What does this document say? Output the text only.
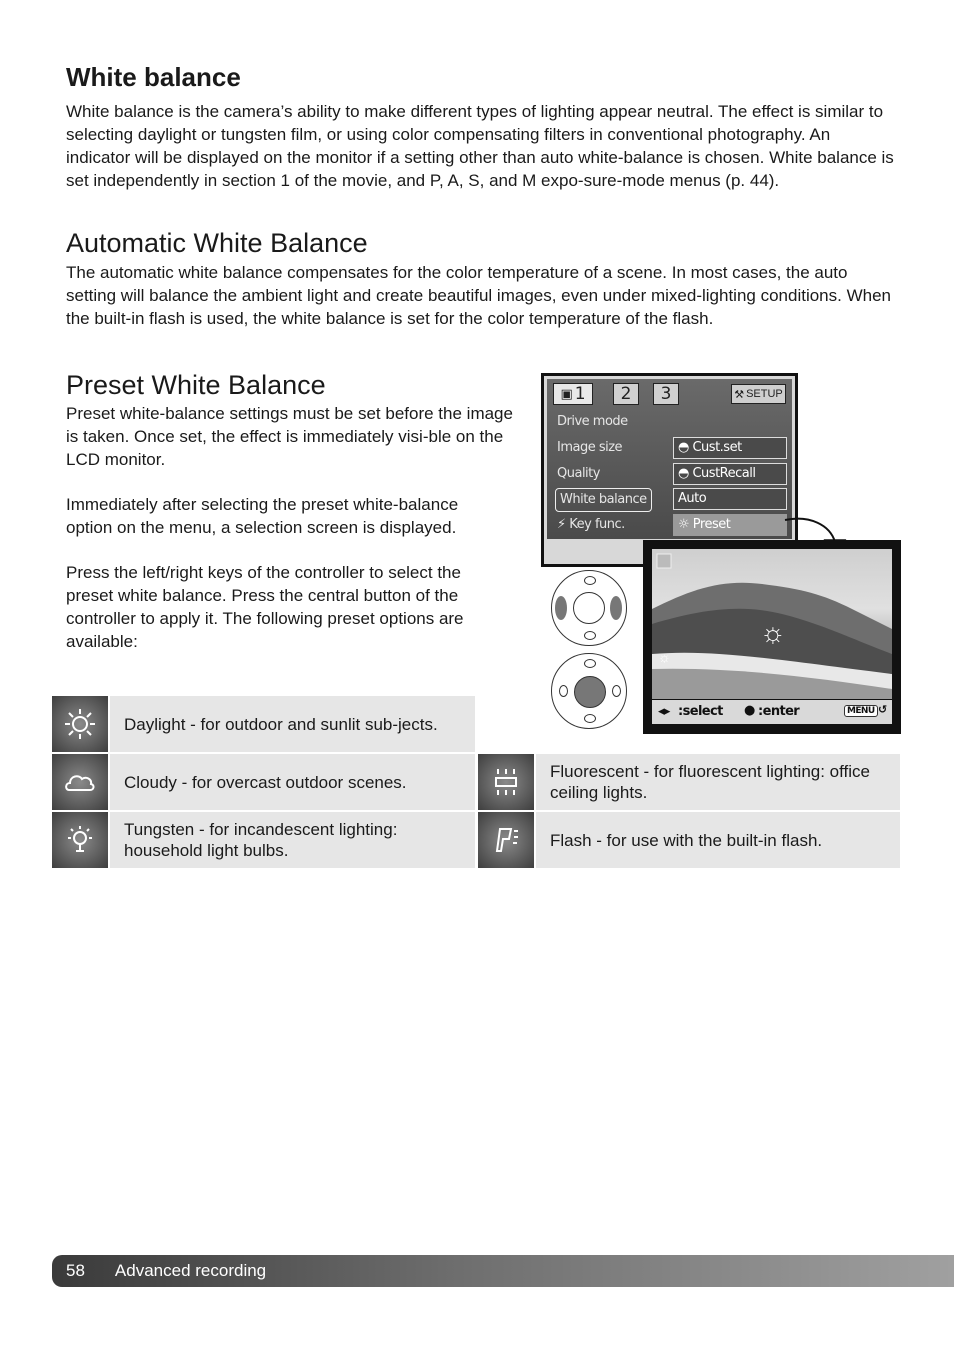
White balance

White balance is the camera’s ability to make different types of lighting appear neutral. The effect is similar to selecting daylight or tungsten film, or using color compensating filters in conventional photography. An indicator will be displayed on the monitor if a setting other than auto white-balance is chosen. White balance is set independently in section 1 of the movie, and P, A, S, and M expo-sure-mode menus (p. 44).

Automatic White Balance

The automatic white balance compensates for the color temperature of a scene. In most cases, the auto setting will balance the ambient light and create beautiful images, even under mixed-lighting conditions. When the built-in flash is used, the white balance is set for the color temperature of the flash.

Preset White Balance

Preset white-balance settings must be set before the image is taken. Once set, the effect is immediately visi-ble on the LCD monitor.

Immediately after selecting the preset white-balance option on the menu, a selection screen is displayed.

Press the left/right keys of the controller to select the preset white balance. Press the central button of the controller to apply it. The following preset options are available:

▣ 1 2 3	⚒ SETUP
Drive mode
Image size
Quality
White balance
⚡ Key func.
◓ Cust.set
◓ CustRecall
Auto
☼ Preset
☼
☼
◂▸ :select ● :enter	MENU ↺
Daylight - for outdoor and sunlit sub-jects.
Cloudy - for overcast outdoor scenes.
Tungsten - for incandescent lighting: household light bulbs.
Fluorescent - for fluorescent lighting: office ceiling lights.
Flash - for use with the built-in flash.
58 Advanced recording
